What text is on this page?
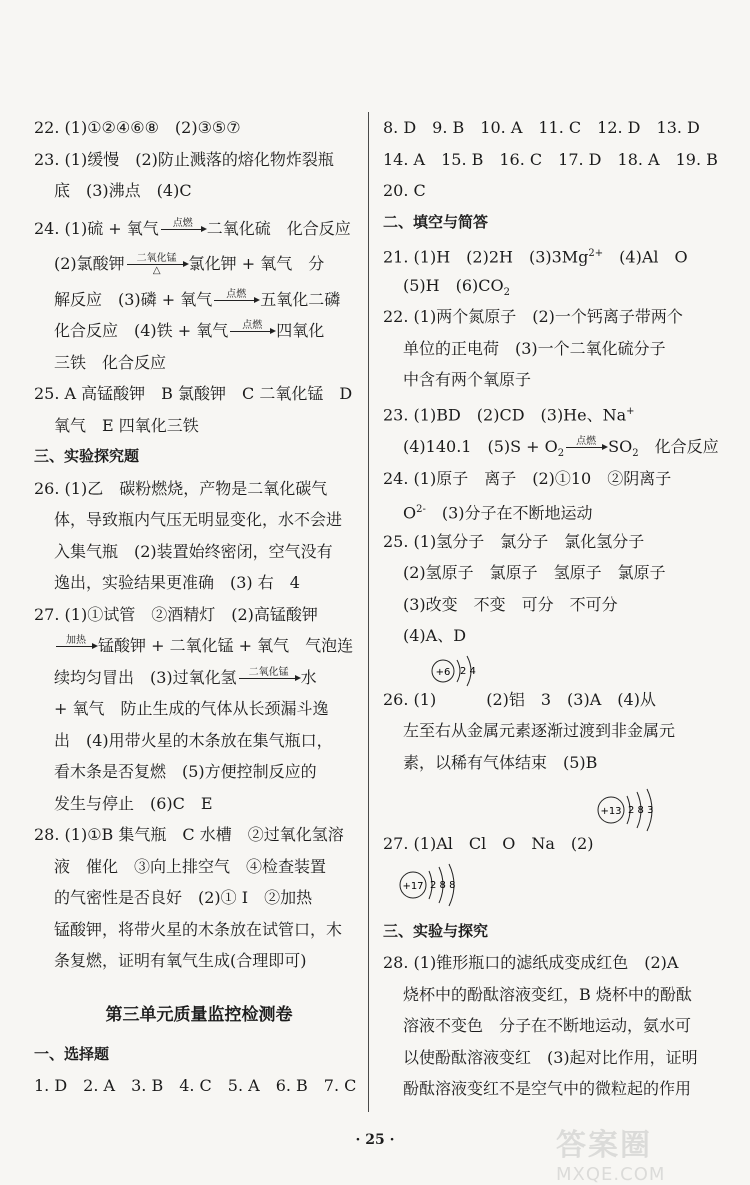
22. (1)①②④⑥⑧　(2)③⑤⑦
23. (1)缓慢　(2)防止溅落的熔化物炸裂瓶
底　(3)沸点　(4)C
24. (1)硫 + 氧气	点燃
二氧化硫　化合反应
(2)氯酸钾	二氧化锰
△	氯化钾 + 氧气　分
解反应　(3)磷 + 氧气	点燃
五氧化二磷
化合反应　(4)铁 + 氧气	点燃
四氧化
三铁　化合反应
25. A 高锰酸钾　B 氯酸钾　C 二氧化锰　D
氧气　E 四氧化三铁
三、实验探究题
26. (1)乙　碳粉燃烧，产物是二氧化碳气
体，导致瓶内气压无明显变化，水不会进
入集气瓶　(2)装置始终密闭，空气没有
逸出，实验结果更准确　(3) 右　4
27. (1)①试管　②酒精灯　(2)高锰酸钾
加热
锰酸钾 + 二氧化锰 + 氧气　气泡连
续均匀冒出　(3)过氧化氢	二氧化锰
水
+ 氧气　防止生成的气体从长颈漏斗逸
出　(4)用带火星的木条放在集气瓶口，
看木条是否复燃　(5)方便控制反应的
发生与停止　(6)C　E
28. (1)①B 集气瓶　C 水槽　②过氧化氢溶
液　催化　③向上排空气　④检查装置
的气密性是否良好　(2)① Ⅰ　②加热
锰酸钾，将带火星的木条放在试管口，木
条复燃，证明有氧气生成(合理即可)
第三单元质量监控检测卷
一、选择题
1. D　2. A　3. B　4. C　5. A　6. B　7. C
8. D　9. B　10. A　11. C　12. D　13. D
14. A　15. B　16. C　17. D　18. A　19. B
20. C
二、填空与简答
21. (1)H　(2)2H　$(3)3Mg^{2+}$　(4)Al　O
(5)H　$(6)CO_2$
22. (1)两个氮原子　(2)一个钙离子带两个
单位的正电荷　(3)一个二氧化硫分子
中含有两个氧原子
23. (1)BD　(2)CD　(3)He、Na+
(4)140.1　$(5)S + O_2$
点燃
$SO_2$　化合反应
24. (1)原子　离子　(2)①10　②阴离子
$O^{2-}$　(3)分子在不断地运动
25. (1)氢分子　氯分子　氯化氢分子
(2)氢原子　氯原子　氢原子　氯原子
(3)改变　不变　可分　不可分
(4)A、D
+6 2 4
26. (1)	(2)铝　3　(3)A　(4)从
左至右从金属元素逐渐过渡到非金属元
素，以稀有气体结束　(5)B
+13 2 8 3
27. (1)Al　Cl　O　Na　(2)
+17 2 8 8
三、实验与探究
28. (1)锥形瓶口的滤纸成变成红色　(2)A
烧杯中的酚酞溶液变红，B 烧杯中的酚酞
溶液不变色　分子在不断地运动，氨水可
以使酚酞溶液变红　(3)起对比作用，证明
酚酞溶液变红不是空气中的微粒起的作用
· 25 ·	答案圈
MXQE.COM
